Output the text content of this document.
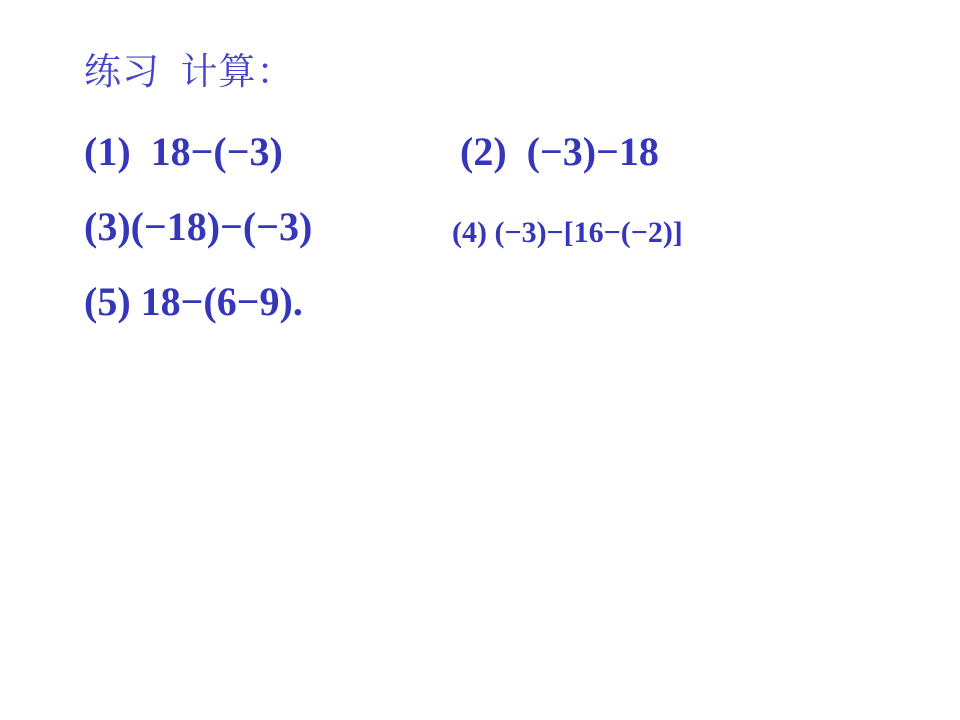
练习  计算：
(1)  18−(−3)	(2)  (−3)−18
(3)(−18)−(−3)	(4) (−3)−[16−(−2)]
(5) 18−(6−9).
